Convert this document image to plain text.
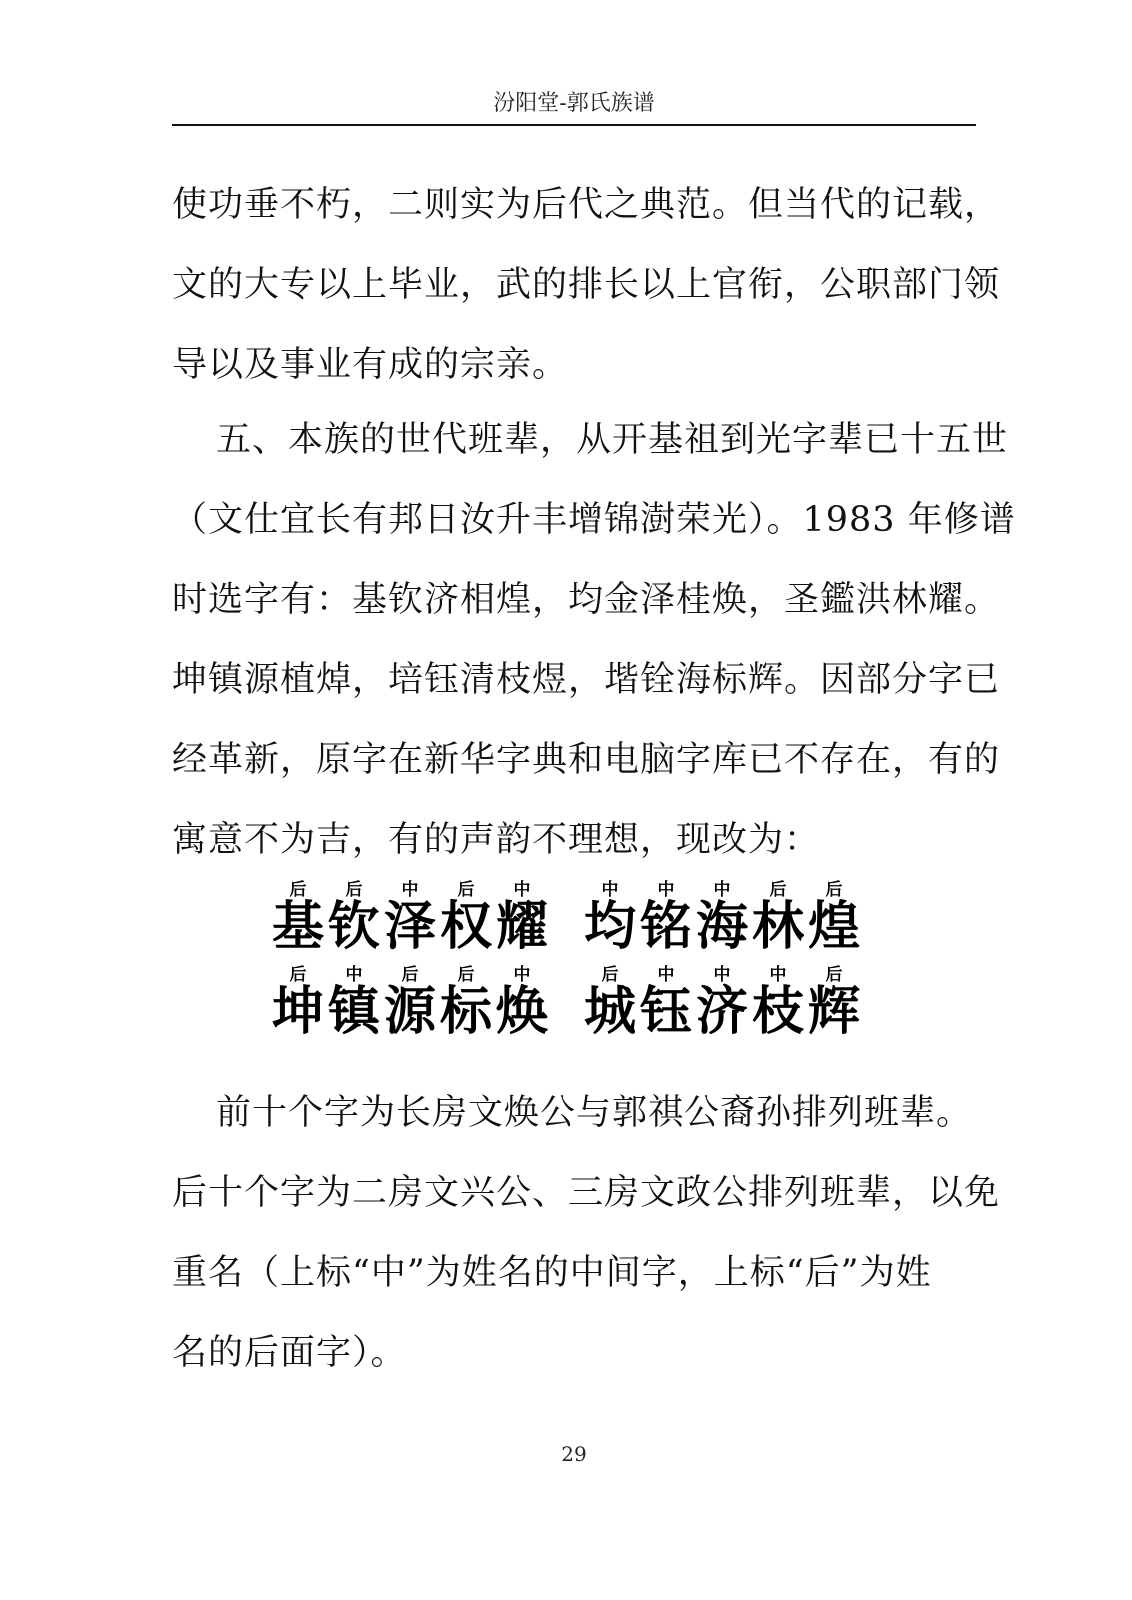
汾阳堂-郭氏族谱
使功垂不朽，二则实为后代之典范。但当代的记载，
文的大专以上毕业，武的排长以上官衔，公职部门领
导以及事业有成的宗亲。
五、本族的世代班辈，从开基祖到光字辈已十五世
（文仕宜长有邦日汝升丰增锦澍荣光）。1983 年修谱
时选字有：基钦济相煌，均金泽桂焕，圣鑑洪林耀。
坤镇源植焯，培钰清枝煜，堦铨海标辉。因部分字已
经革新，原字在新华字典和电脑字库已不存在，有的
寓意不为吉，有的声韵不理想，现改为：
后
基
后
钦
中
泽
后
权
中
耀
中
均
中
铭
中
海
后
林
后
煌
后
坤
中
镇
后
源
后
标
中
焕
后
城
中
钰
中
济
中
枝
后
辉
前十个字为长房文焕公与郭祺公裔孙排列班辈。
后十个字为二房文兴公、三房文政公排列班辈，以免
重名（上标“中”为姓名的中间字，上标“后”为姓
名的后面字）。
29
